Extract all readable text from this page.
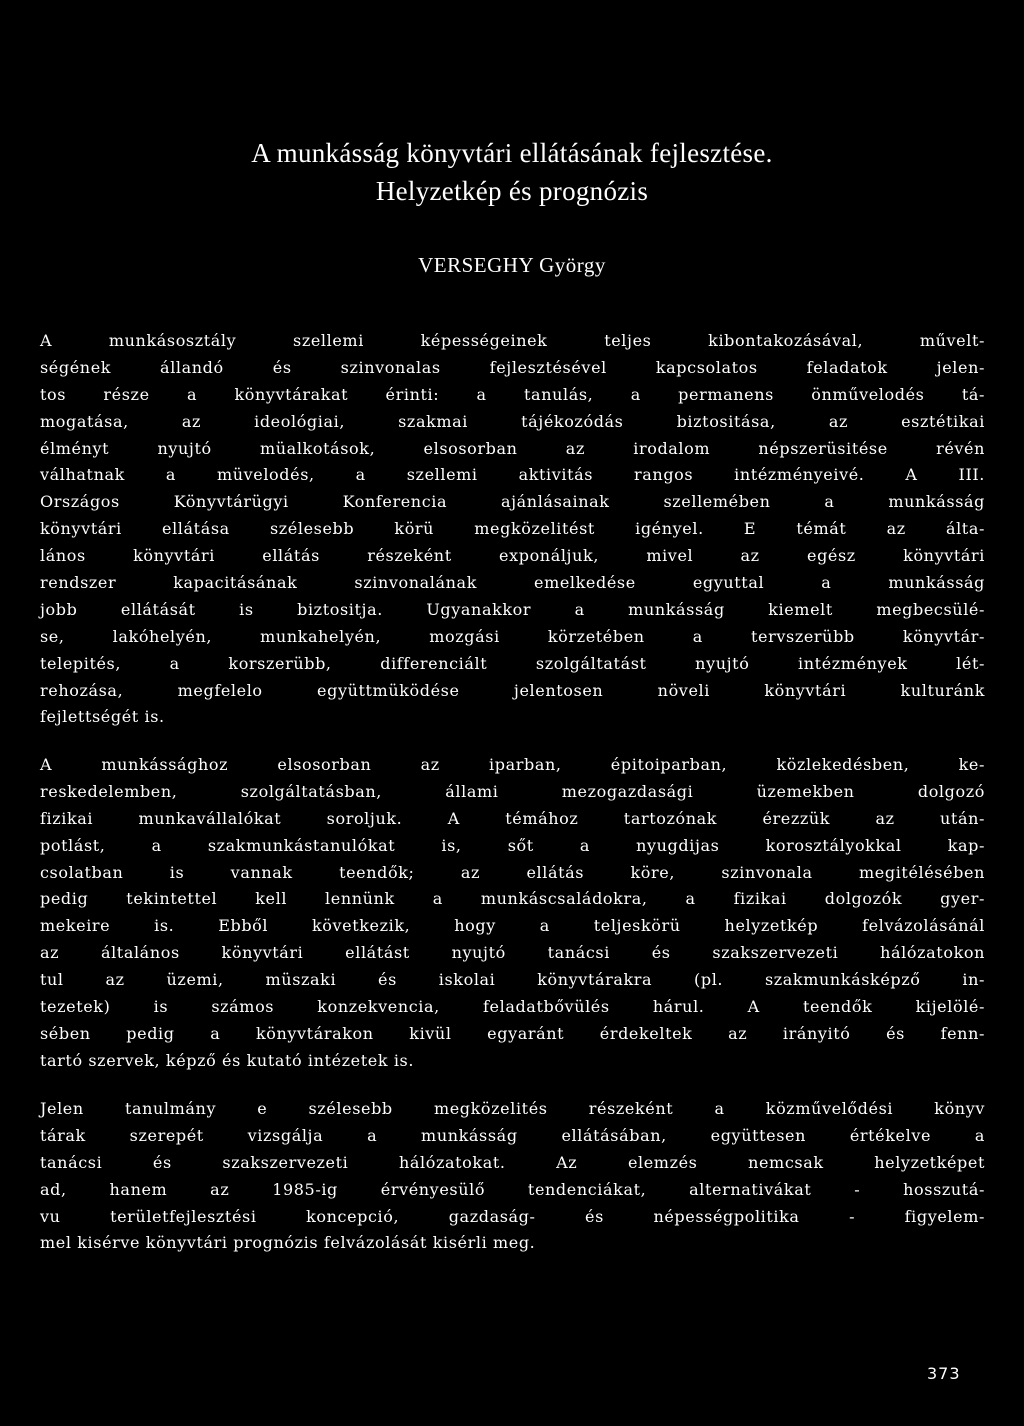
A munkásság könyvtári ellátásának fejlesztése.
Helyzetkép és prognózis
VERSEGHY György
A munkásosztály szellemi képességeinek teljes kibontakozásával, művelt-
ségének állandó és szinvonalas fejlesztésével kapcsolatos feladatok jelen-
tos része a könyvtárakat érinti: a tanulás, a permanens önművelodés tá-
mogatása, az ideológiai, szakmai tájékozódás biztositása, az esztétikai
élményt nyujtó müalkotások, elsosorban az irodalom népszerüsitése révén
válhatnak a müvelodés, a szellemi aktivitás rangos intézményeivé. A III.
Országos Könyvtárügyi Konferencia ajánlásainak szellemében a munkásság
könyvtári ellátása szélesebb körü megközelitést igényel. E témát az álta-
lános könyvtári ellátás részeként exponáljuk, mivel az egész könyvtári
rendszer kapacitásának szinvonalának emelkedése egyuttal a munkásság
jobb ellátását is biztositja. Ugyanakkor a munkásság kiemelt megbecsülé-
se, lakóhelyén, munkahelyén, mozgási körzetében a tervszerübb könyvtár-
telepités, a korszerübb, differenciált szolgáltatást nyujtó intézmények lét-
rehozása, megfelelo együttmüködése jelentosen növeli könyvtári kulturánk
fejlettségét is.
A munkássághoz elsosorban az iparban, épitoiparban, közlekedésben, ke-
reskedelemben, szolgáltatásban, állami mezogazdasági üzemekben dolgozó
fizikai munkavállalókat soroljuk. A témához tartozónak érezzük az után-
potlást, a szakmunkástanulókat is, sőt a nyugdijas korosztályokkal kap-
csolatban is vannak teendők; az ellátás köre, szinvonala megitélésében
pedig tekintettel kell lennünk a munkáscsaládokra, a fizikai dolgozók gyer-
mekeire is. Ebből következik, hogy a teljeskörü helyzetkép felvázolásánál
az általános könyvtári ellátást nyujtó tanácsi és szakszervezeti hálózatokon
tul az üzemi, müszaki és iskolai könyvtárakra (pl. szakmunkásképző in-
tezetek) is számos konzekvencia, feladatbővülés hárul. A teendők kijelölé-
sében pedig a könyvtárakon kivül egyaránt érdekeltek az irányitó és fenn-
tartó szervek, képző és kutató intézetek is.
Jelen tanulmány e szélesebb megközelités részeként a közművelődési könyv
tárak szerepét vizsgálja a munkásság ellátásában, együttesen értékelve a
tanácsi és szakszervezeti hálózatokat. Az elemzés nemcsak helyzetképet
ad, hanem az 1985-ig érvényesülő tendenciákat, alternativákat - hosszutá-
vu területfejlesztési koncepció, gazdaság- és népességpolitika - figyelem-
mel kisérve könyvtári prognózis felvázolását kisérli meg.
373
